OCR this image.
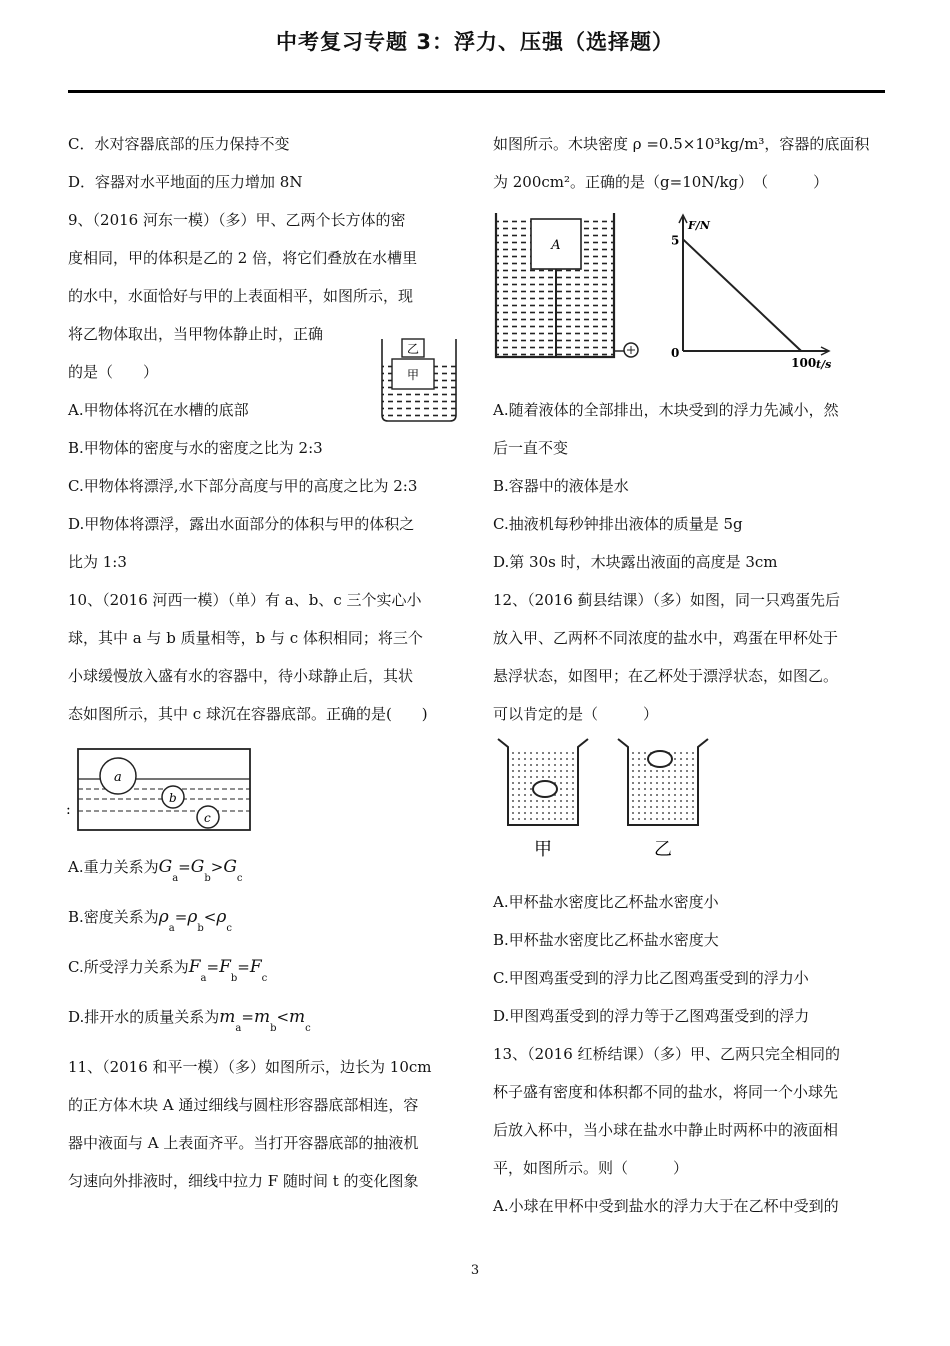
中考复习专题 3：浮力、压强（选择题）

C．水对容器底部的压力保持不变

D．容器对水平地面的压力增加 8N

9、（2016 河东一模）（多）甲、乙两个长方体的密

度相同，甲的体积是乙的 2 倍，将它们叠放在水槽里

的水中，水面恰好与甲的上表面相平，如图所示，现

将乙物体取出，当甲物体静止时，正确

的是（　　）

A.甲物体将沉在水槽的底部

B.甲物体的密度与水的密度之比为 2:3

C.甲物体将漂浮,水下部分高度与甲的高度之比为 2:3

D.甲物体将漂浮，露出水面部分的体积与甲的体积之

比为 1:3

10、（2016 河西一模）（单）有 a、b、c 三个实心小

球，其中 a 与 b 质量相等，b 与 c 体积相同；将三个

小球缓慢放入盛有水的容器中，待小球静止后，其状

态如图所示，其中 c 球沉在容器底部。正确的是(　　)

:
a
b
c

A.重力关系为$G_a=G_b>G_c$

B.密度关系为$\rho_a=\rho_b<\rho_c$

C.所受浮力关系为$F_a=F_b=F_c$

D.排开水的质量关系为$m_a=m_b<m_c$

11、（2016 和平一模）（多）如图所示，边长为 10cm

的正方体木块 A 通过细线与圆柱形容器底部相连，容

器中液面与 A 上表面齐平。当打开容器底部的抽液机

匀速向外排液时，细线中拉力 F 随时间 t 的变化图象

乙
甲

如图所示。木块密度 ρ =0.5×10³kg/m³，容器的底面积

为 200cm²。正确的是（g=10N/kg）　（　　　）

A
F/N
t/s
0
5
100

A.随着液体的全部排出，木块受到的浮力先减小，然

后一直不变

B.容器中的液体是水

C.抽液机每秒钟排出液体的质量是 5g

D.第 30s 时，木块露出液面的高度是 3cm

12、（2016 蓟县结课）（多）如图，同一只鸡蛋先后

放入甲、乙两杯不同浓度的盐水中，鸡蛋在甲杯处于

悬浮状态，如图甲；在乙杯处于漂浮状态，如图乙。

可以肯定的是（　　　）

甲	乙

A.甲杯盐水密度比乙杯盐水密度小

B.甲杯盐水密度比乙杯盐水密度大

C.甲图鸡蛋受到的浮力比乙图鸡蛋受到的浮力小

D.甲图鸡蛋受到的浮力等于乙图鸡蛋受到的浮力

13、（2016 红桥结课）（多）甲、乙两只完全相同的

杯子盛有密度和体积都不同的盐水，将同一个小球先

后放入杯中，当小球在盐水中静止时两杯中的液面相

平，如图所示。则（　　　）

A.小球在甲杯中受到盐水的浮力大于在乙杯中受到的

3
